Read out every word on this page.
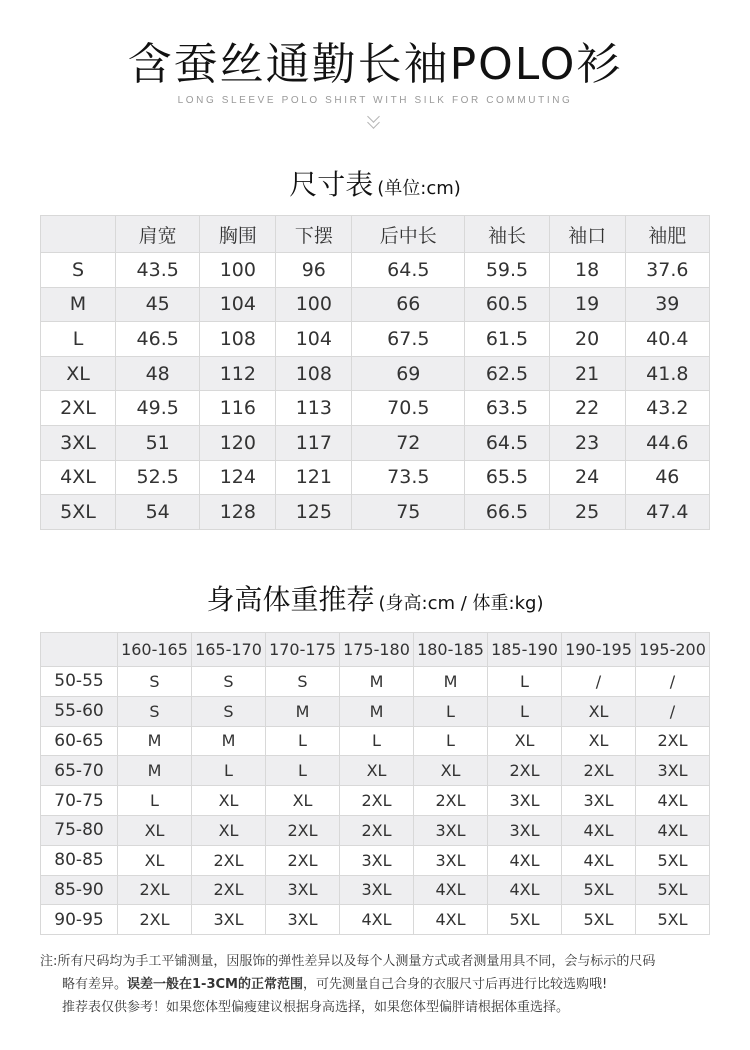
含蚕丝通勤长袖POLO衫
LONG SLEEVE POLO SHIRT WITH SILK FOR COMMUTING
尺寸表 (单位:cm)
	肩宽	胸围	下摆	后中长	袖长	袖口	袖肥
S	43.5	100	96	64.5	59.5	18	37.6
M	45	104	100	66	60.5	19	39
L	46.5	108	104	67.5	61.5	20	40.4
XL	48	112	108	69	62.5	21	41.8
2XL	49.5	116	113	70.5	63.5	22	43.2
3XL	51	120	117	72	64.5	23	44.6
4XL	52.5	124	121	73.5	65.5	24	46
5XL	54	128	125	75	66.5	25	47.4
身高体重推荐 (身高:cm / 体重:kg)
	160-165	165-170	170-175	175-180	180-185	185-190	190-195	195-200
50-55	S	S	S	M	M	L	/	/
55-60	S	S	M	M	L	L	XL	/
60-65	M	M	L	L	L	XL	XL	2XL
65-70	M	L	L	XL	XL	2XL	2XL	3XL
70-75	L	XL	XL	2XL	2XL	3XL	3XL	4XL
75-80	XL	XL	2XL	2XL	3XL	3XL	4XL	4XL
80-85	XL	2XL	2XL	3XL	3XL	4XL	4XL	5XL
85-90	2XL	2XL	3XL	3XL	4XL	4XL	5XL	5XL
90-95	2XL	3XL	3XL	4XL	4XL	5XL	5XL	5XL
注:所有尺码均为手工平铺测量，因服饰的弹性差异以及每个人测量方式或者测量用具不同，会与标示的尺码
略有差异。误差一般在1-3CM的正常范围，可先测量自己合身的衣服尺寸后再进行比较选购哦!
推荐表仅供参考！如果您体型偏瘦建议根据身高选择，如果您体型偏胖请根据体重选择。
